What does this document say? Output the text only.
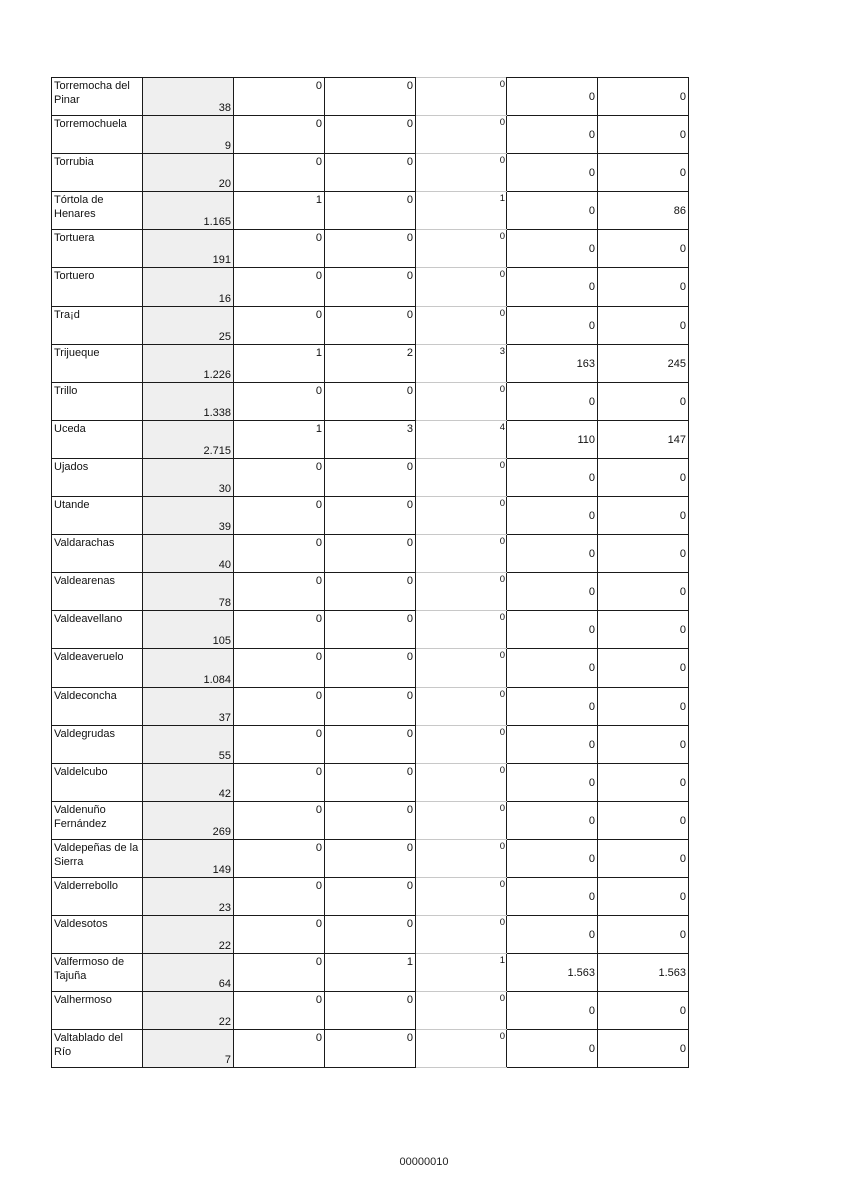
Torremocha del Pinar	38	0	0	0	0	0

Torremochuela	9	0	0	0	0	0

Torrubia	20	0	0	0	0	0

Tórtola de Henares	1.165	1	0	1	0	86

Tortuera	191	0	0	0	0	0

Tortuero	16	0	0	0	0	0

Tra¡d	25	0	0	0	0	0

Trijueque	1.226	1	2	3	163	245

Trillo	1.338	0	0	0	0	0

Uceda	2.715	1	3	4	110	147

Ujados	30	0	0	0	0	0

Utande	39	0	0	0	0	0

Valdarachas	40	0	0	0	0	0

Valdearenas	78	0	0	0	0	0

Valdeavellano	105	0	0	0	0	0

Valdeaveruelo	1.084	0	0	0	0	0

Valdeconcha	37	0	0	0	0	0

Valdegrudas	55	0	0	0	0	0

Valdelcubo	42	0	0	0	0	0

Valdenuño Fernández	269	0	0	0	0	0

Valdepeñas de la Sierra	149	0	0	0	0	0

Valderrebollo	23	0	0	0	0	0

Valdesotos	22	0	0	0	0	0

Valfermoso de Tajuña	64	0	1	1	1.563	1.563

Valhermoso	22	0	0	0	0	0

Valtablado del Río	7	0	0	0	0	0
00000010
